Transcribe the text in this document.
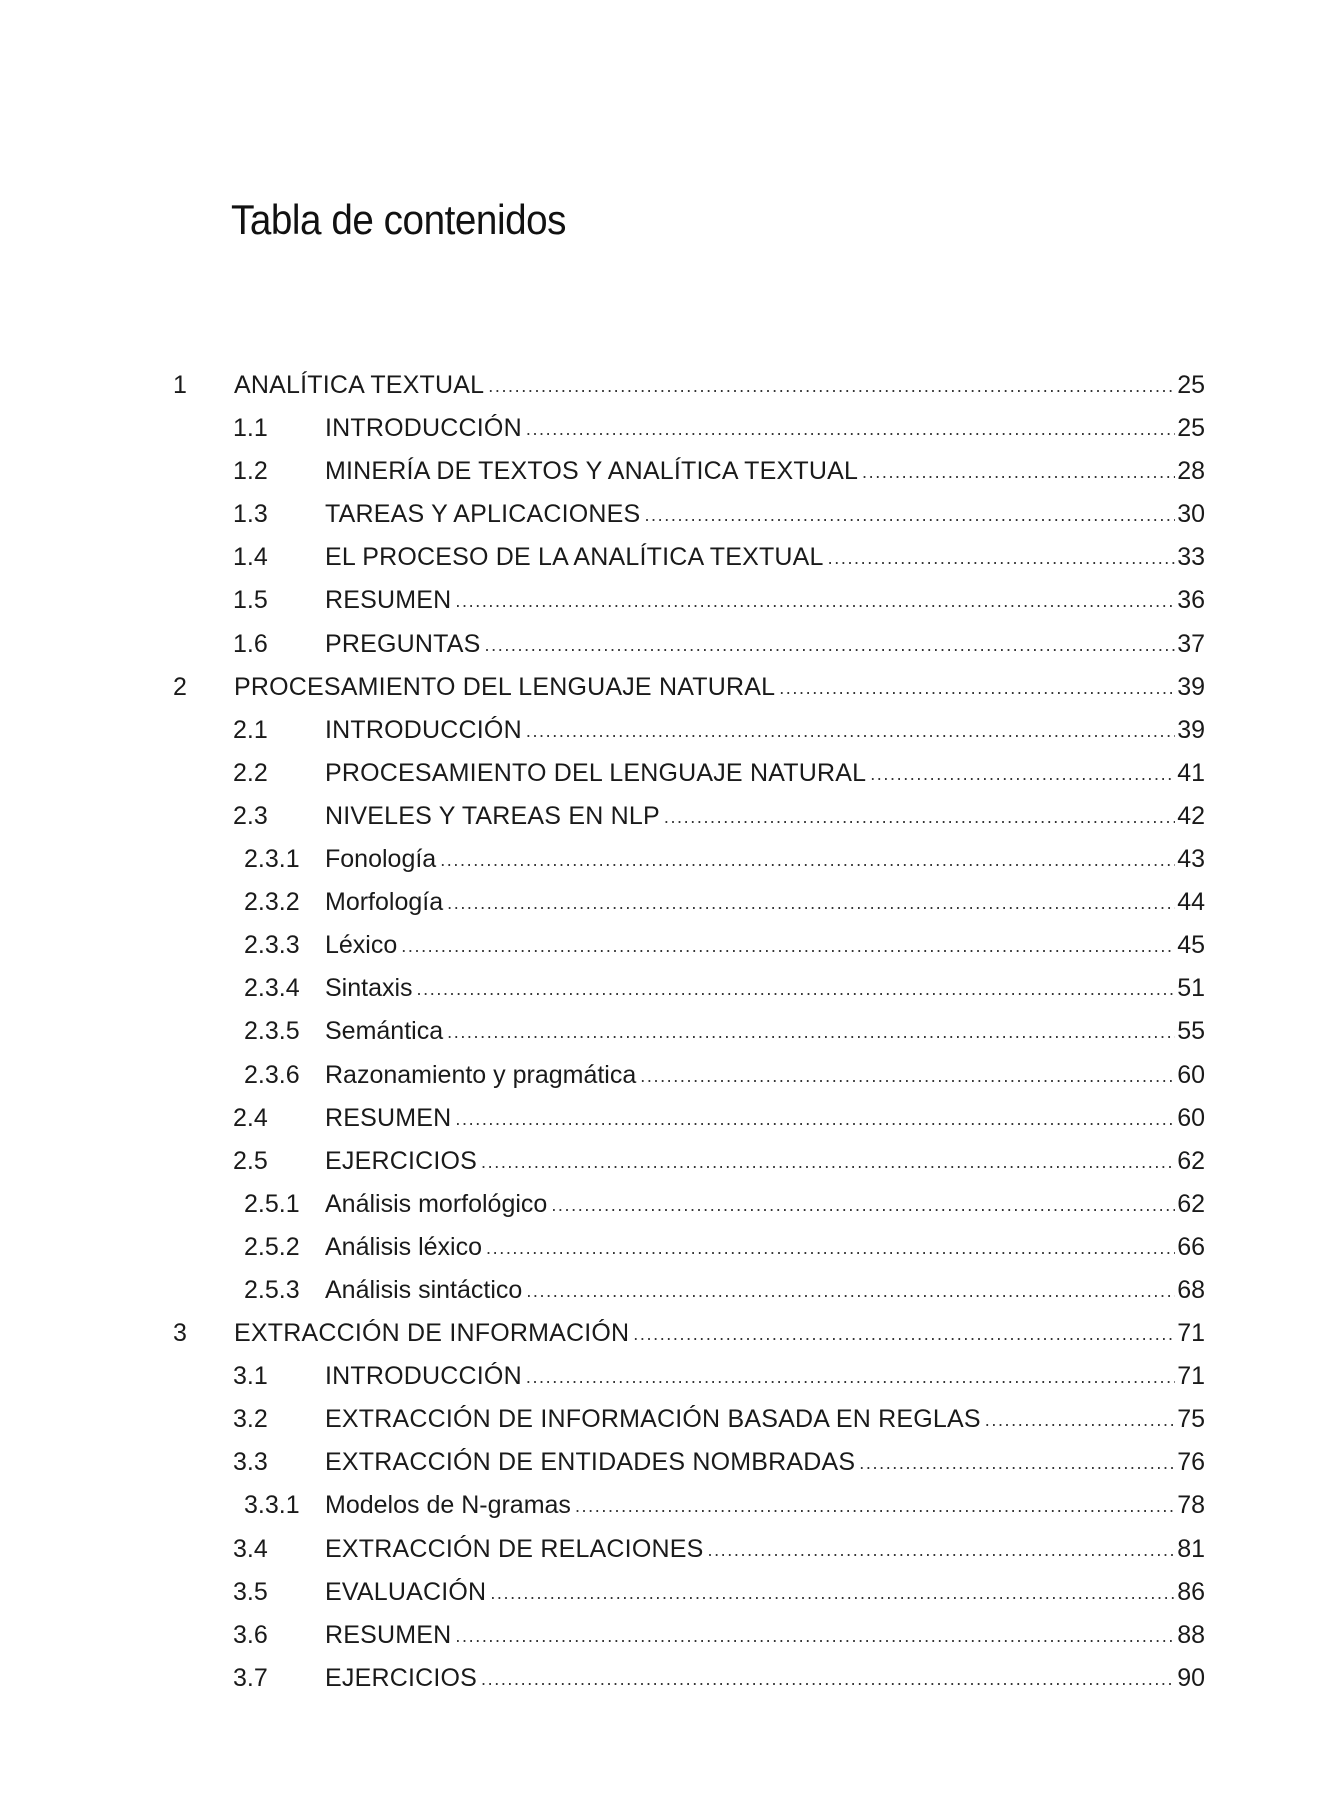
Tabla de contenidos
1 ANALÍTICA TEXTUAL .....	25
1.1 INTRODUCCIÓN .....	25
1.2 MINERÍA DE TEXTOS Y ANALÍTICA TEXTUAL .....	28
1.3 TAREAS Y APLICACIONES .....	30
1.4 EL PROCESO DE LA ANALÍTICA TEXTUAL .....	33
1.5 RESUMEN .....	36
1.6 PREGUNTAS .....	37
2 PROCESAMIENTO DEL LENGUAJE NATURAL .....	39
2.1 INTRODUCCIÓN .....	39
2.2 PROCESAMIENTO DEL LENGUAJE NATURAL .....	41
2.3 NIVELES Y TAREAS EN NLP .....	42
2.3.1 Fonología .....	43
2.3.2 Morfología .....	44
2.3.3 Léxico .....	45
2.3.4 Sintaxis .....	51
2.3.5 Semántica .....	55
2.3.6 Razonamiento y pragmática .....	60
2.4 RESUMEN .....	60
2.5 EJERCICIOS .....	62
2.5.1 Análisis morfológico .....	62
2.5.2 Análisis léxico .....	66
2.5.3 Análisis sintáctico .....	68
3 EXTRACCIÓN DE INFORMACIÓN .....	71
3.1 INTRODUCCIÓN .....	71
3.2 EXTRACCIÓN DE INFORMACIÓN BASADA EN REGLAS .....	75
3.3 EXTRACCIÓN DE ENTIDADES NOMBRADAS .....	76
3.3.1 Modelos de N-gramas .....	78
3.4 EXTRACCIÓN DE RELACIONES .....	81
3.5 EVALUACIÓN .....	86
3.6 RESUMEN .....	88
3.7 EJERCICIOS .....	90
